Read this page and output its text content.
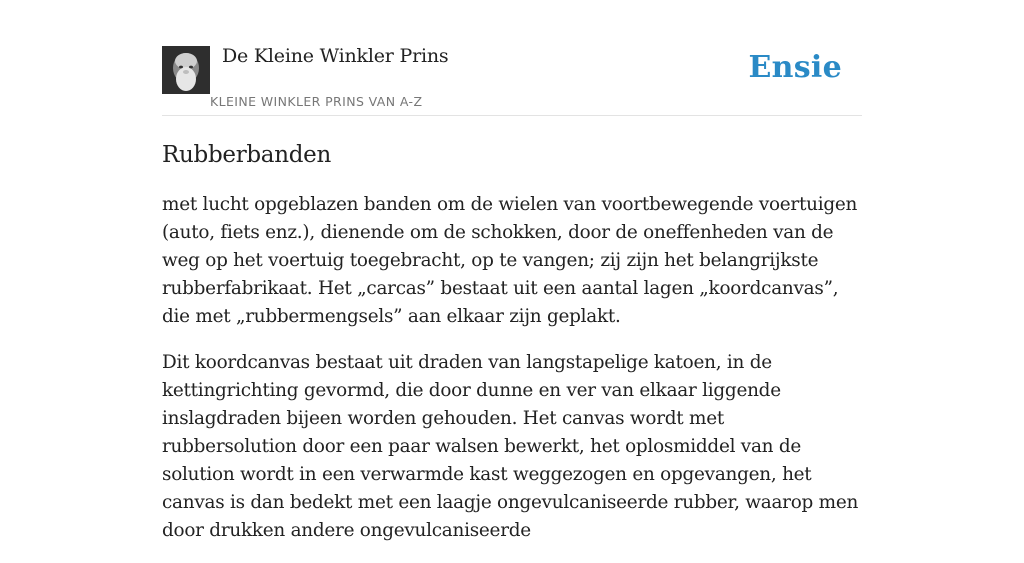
De Kleine Winkler Prins
KLEINE WINKLER PRINS VAN A-Z
Ensie
Rubberbanden

met lucht opgeblazen banden om de wielen van voortbewegende voertuigen (auto, fiets enz.), dienende om de schokken, door de oneffenheden van de weg op het voertuig toegebracht, op te vangen; zij zijn het belangrijkste rubberfabrikaat. Het „carcas” bestaat uit een aantal lagen „koordcanvas”, die met „rubbermengsels” aan elkaar zijn geplakt.

Dit koordcanvas bestaat uit draden van langstapelige katoen, in de kettingrichting gevormd, die door dunne en ver van elkaar liggende inslagdraden bijeen worden gehouden. Het canvas wordt met rubbersolution door een paar walsen bewerkt, het oplosmiddel van de solution wordt in een verwarmde kast weggezogen en opgevangen, het canvas is dan bedekt met een laagje ongevulcaniseerde rubber, waarop men door drukken andere ongevulcaniseerde
